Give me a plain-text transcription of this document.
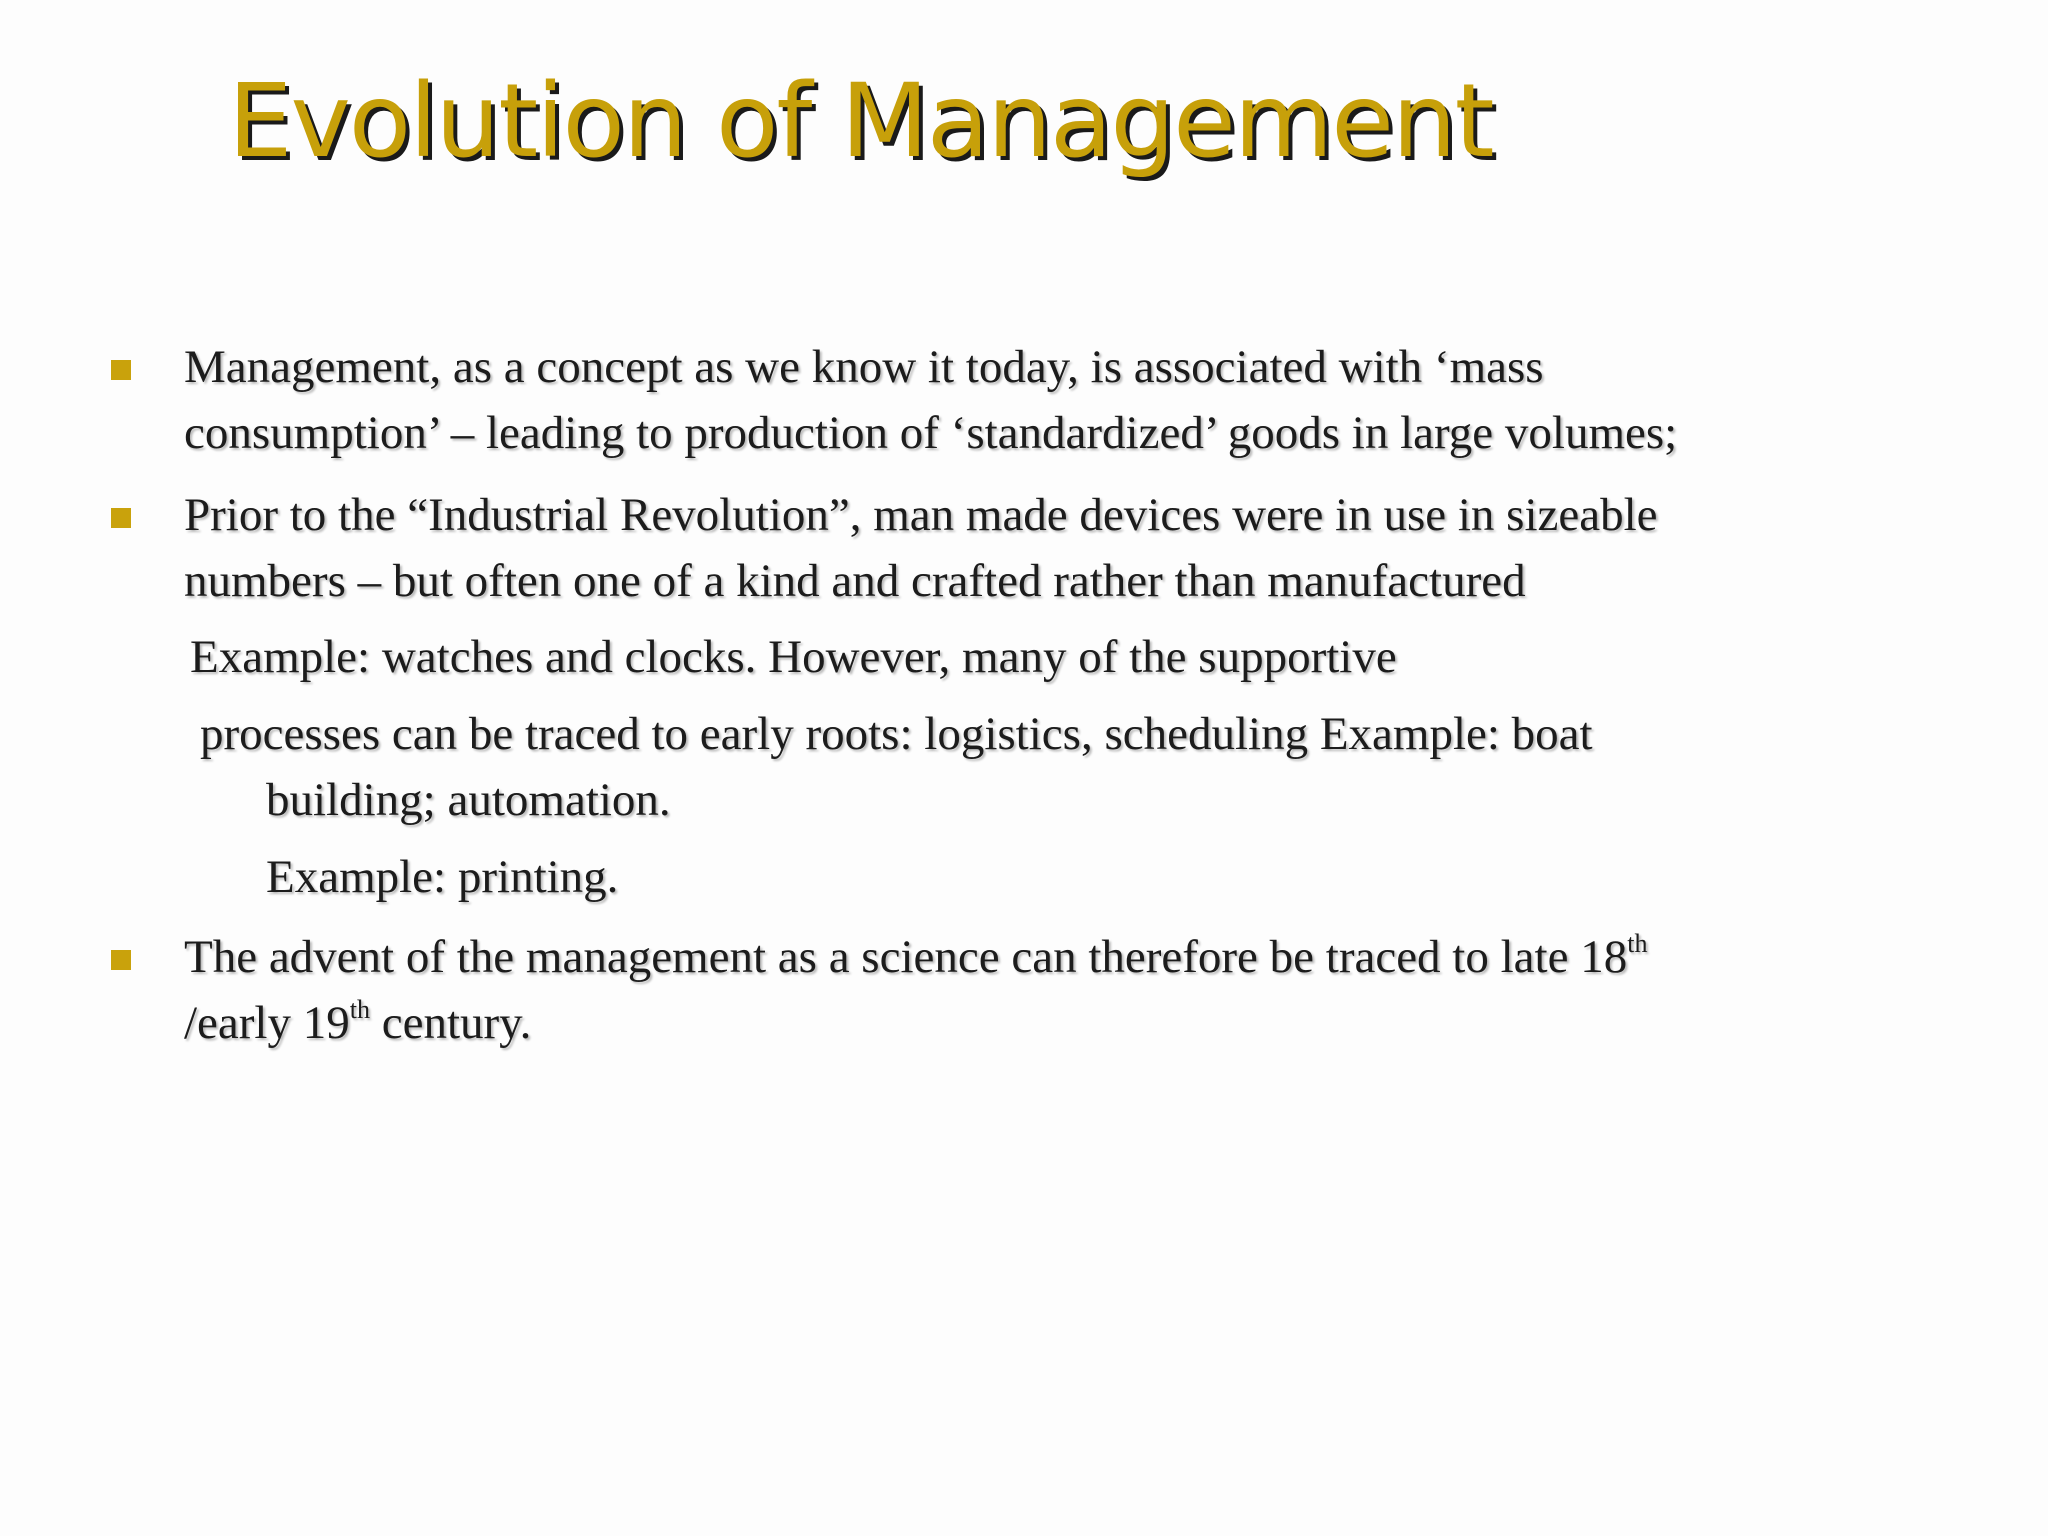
Evolution of Management
Management, as a concept as we know it today, is associated with ‘mass
consumption’ – leading to production of ‘standardized’ goods in large volumes;
Prior to the “Industrial Revolution”, man made devices were in use in sizeable
numbers – but often one of a kind and crafted rather than manufactured
Example: watches and clocks. However, many of the supportive
processes can be traced to early roots: logistics, scheduling Example: boat
building; automation.
Example: printing.
The advent of the management as a science can therefore be traced to late 18th
/early 19th century.
